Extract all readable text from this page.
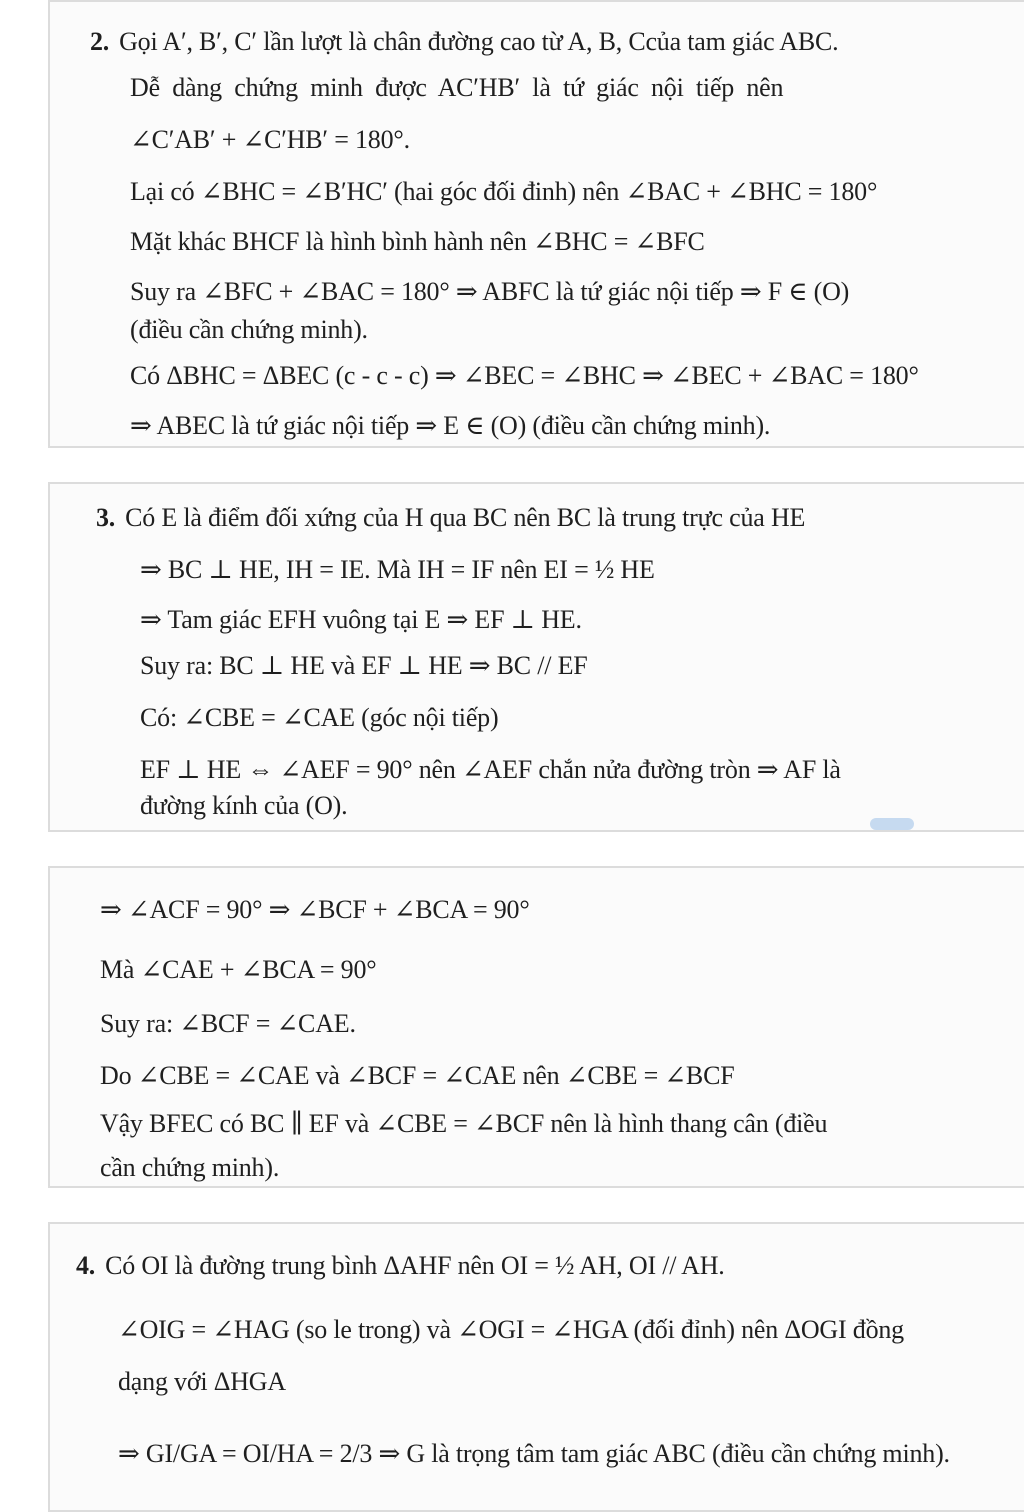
2. Gọi A′, B′, C′ lần lượt là chân đường cao từ A, B, Ccủa tam giác ABC.
Dễ dàng chứng minh được AC′HB′ là tứ giác nội tiếp nên
∠C′AB′ + ∠C′HB′ = 180°.
Lại có ∠BHC = ∠B′HC′ (hai góc đối đinh) nên ∠BAC + ∠BHC = 180°
Mặt khác BHCF là hình bình hành nên ∠BHC = ∠BFC
Suy ra ∠BFC + ∠BAC = 180° ⇒ ABFC là tứ giác nội tiếp ⇒ F ∈ (O)
(điều cần chứng minh).
Có ΔBHC = ΔBEC (c - c - c) ⇒ ∠BEC = ∠BHC ⇒ ∠BEC + ∠BAC = 180°
⇒ ABEC là tứ giác nội tiếp ⇒ E ∈ (O) (điều cần chứng minh).
3. Có E là điểm đối xứng của H qua BC nên BC là trung trực của HE
⇒ BC ⊥ HE, IH = IE. Mà IH = IF nên EI = ½ HE
⇒ Tam giác EFH vuông tại E ⇒ EF ⊥ HE.
Suy ra: BC ⊥ HE và EF ⊥ HE ⇒ BC // EF
Có: ∠CBE = ∠CAE (góc nội tiếp)
EF ⊥ HE ⇔ ∠AEF = 90° nên ∠AEF chắn nửa đường tròn ⇒ AF là
đường kính của (O).
⇒ ∠ACF = 90° ⇒ ∠BCF + ∠BCA = 90°
Mà ∠CAE + ∠BCA = 90°
Suy ra: ∠BCF = ∠CAE.
Do ∠CBE = ∠CAE và ∠BCF = ∠CAE nên ∠CBE = ∠BCF
Vậy BFEC có BC ∥ EF và ∠CBE = ∠BCF nên là hình thang cân (điều
cần chứng minh).
4. Có OI là đường trung bình ΔAHF nên OI = ½ AH, OI // AH.
∠OIG = ∠HAG (so le trong) và ∠OGI = ∠HGA (đối đỉnh) nên ΔOGI đồng
dạng với ΔHGA
⇒ GI/GA = OI/HA = 2/3 ⇒ G là trọng tâm tam giác ABC (điều cần chứng minh).
